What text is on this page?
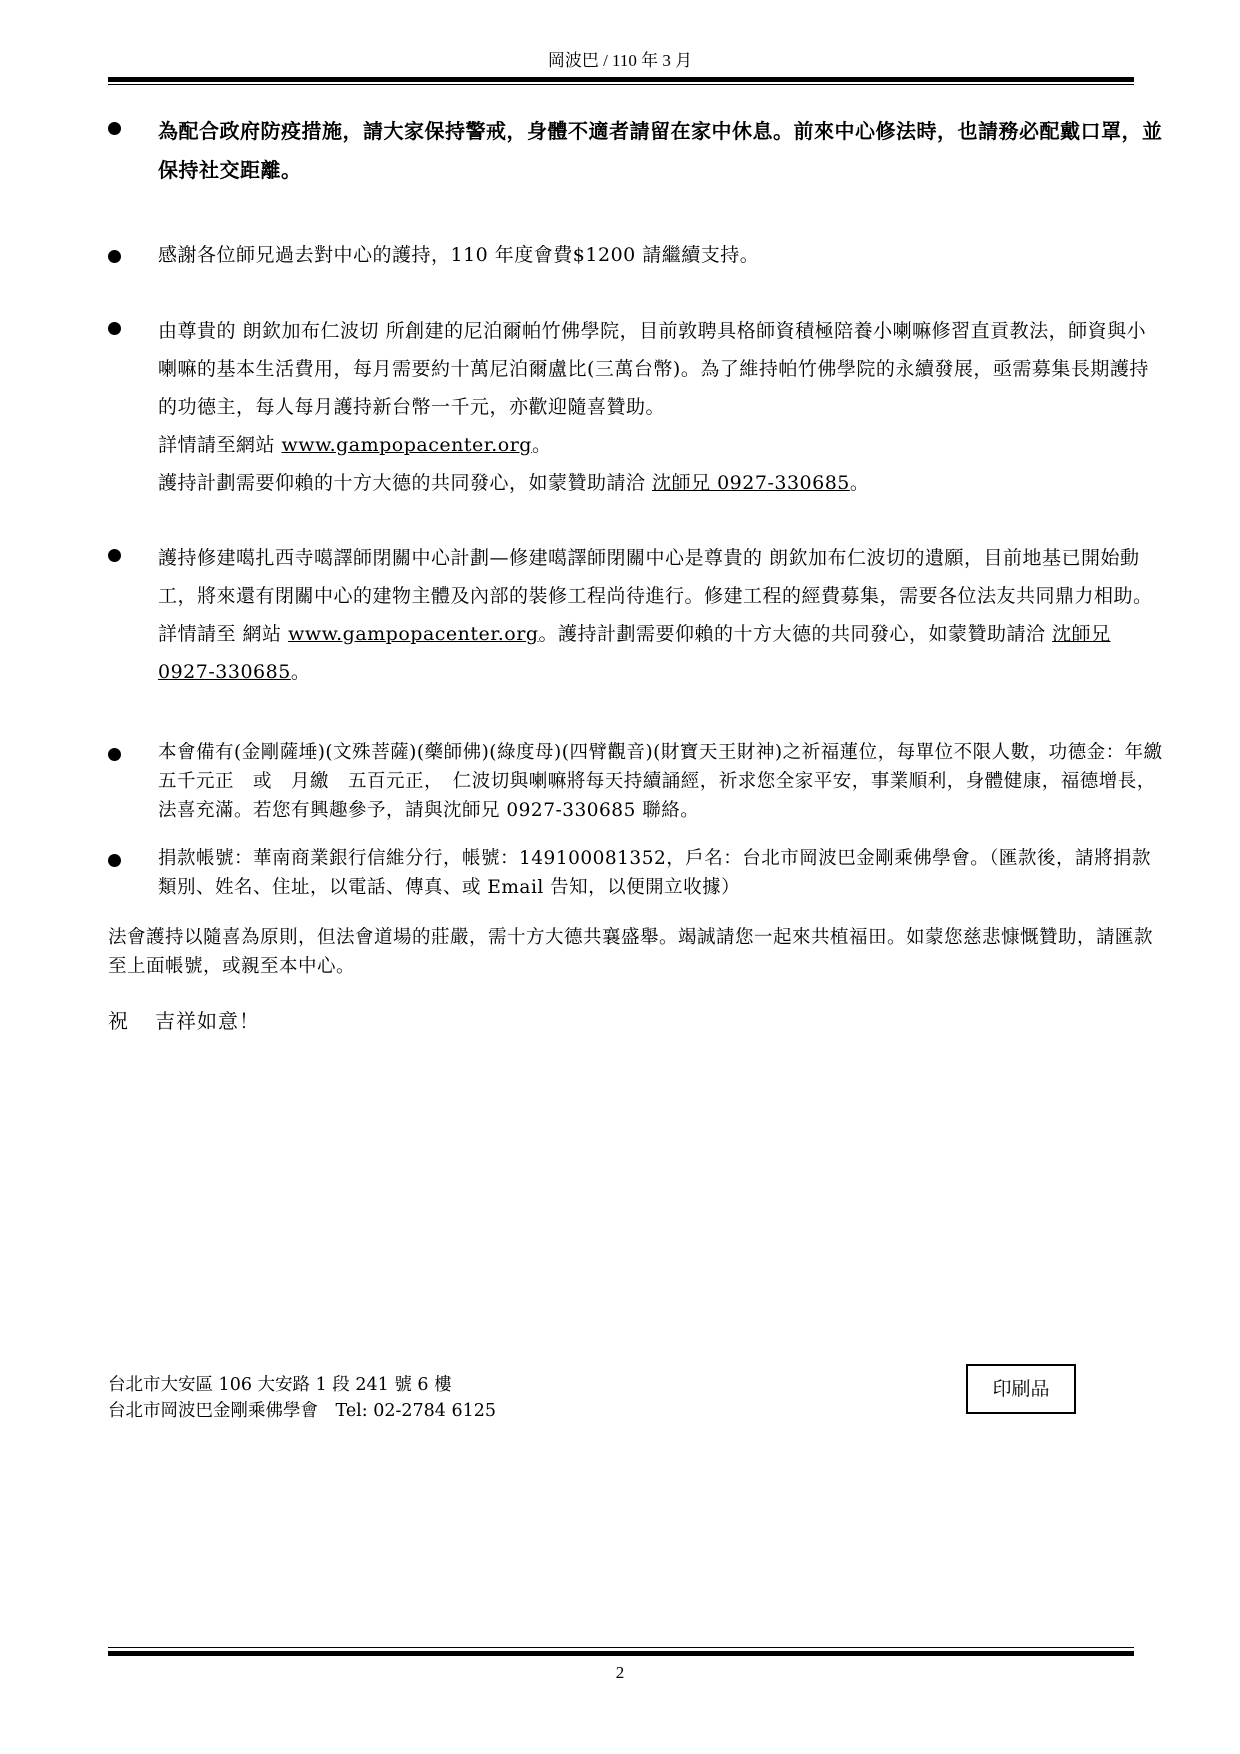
岡波巴 / 110 年 3 月

為配合政府防疫措施，請大家保持警戒，身體不適者請留在家中休息。前來中心修法時，也請務必配戴口罩，並保持社交距離。

感謝各位師兄過去對中心的護持，110 年度會費$1200 請繼續支持。

由尊貴的 朗欽加布仁波切 所創建的尼泊爾帕竹佛學院，目前敦聘具格師資積極陪養小喇嘛修習直貢教法，師資與小喇嘛的基本生活費用，每月需要約十萬尼泊爾盧比(三萬台幣)。為了維持帕竹佛學院的永續發展，亟需募集長期護持的功德主，每人每月護持新台幣一千元，亦歡迎隨喜贊助。
詳情請至網站 www.gampopacenter.org。
護持計劃需要仰賴的十方大德的共同發心，如蒙贊助請洽 沈師兄 0927-330685。

護持修建噶扎西寺噶譯師閉關中心計劃—修建噶譯師閉關中心是尊貴的 朗欽加布仁波切的遺願，目前地基已開始動工，將來還有閉關中心的建物主體及內部的裝修工程尚待進行。修建工程的經費募集，需要各位法友共同鼎力相助。詳情請至 網站 www.gampopacenter.org。護持計劃需要仰賴的十方大德的共同發心，如蒙贊助請洽 沈師兄 0927-330685。

本會備有(金剛薩埵)(文殊菩薩)(藥師佛)(綠度母)(四臂觀音)(財寶天王財神)之祈福蓮位，每單位不限人數，功德金：年繳　五千元正　或　月繳　五百元正，　仁波切與喇嘛將每天持續誦經，祈求您全家平安，事業順利，身體健康，福德增長，法喜充滿。若您有興趣參予，請與沈師兄 0927-330685 聯絡。

捐款帳號：華南商業銀行信維分行，帳號：149100081352，戶名：台北市岡波巴金剛乘佛學會。（匯款後，請將捐款類別、姓名、住址，以電話、傳真、或 Email 告知，以便開立收據）

法會護持以隨喜為原則，但法會道場的莊嚴，需十方大德共襄盛舉。竭誠請您一起來共植福田。如蒙您慈悲慷慨贊助，請匯款至上面帳號，或親至本中心。

祝 吉祥如意！

台北市大安區 106 大安路 1 段 241 號 6 樓
台北市岡波巴金剛乘佛學會　Tel: 02-2784 6125
印刷品
2
